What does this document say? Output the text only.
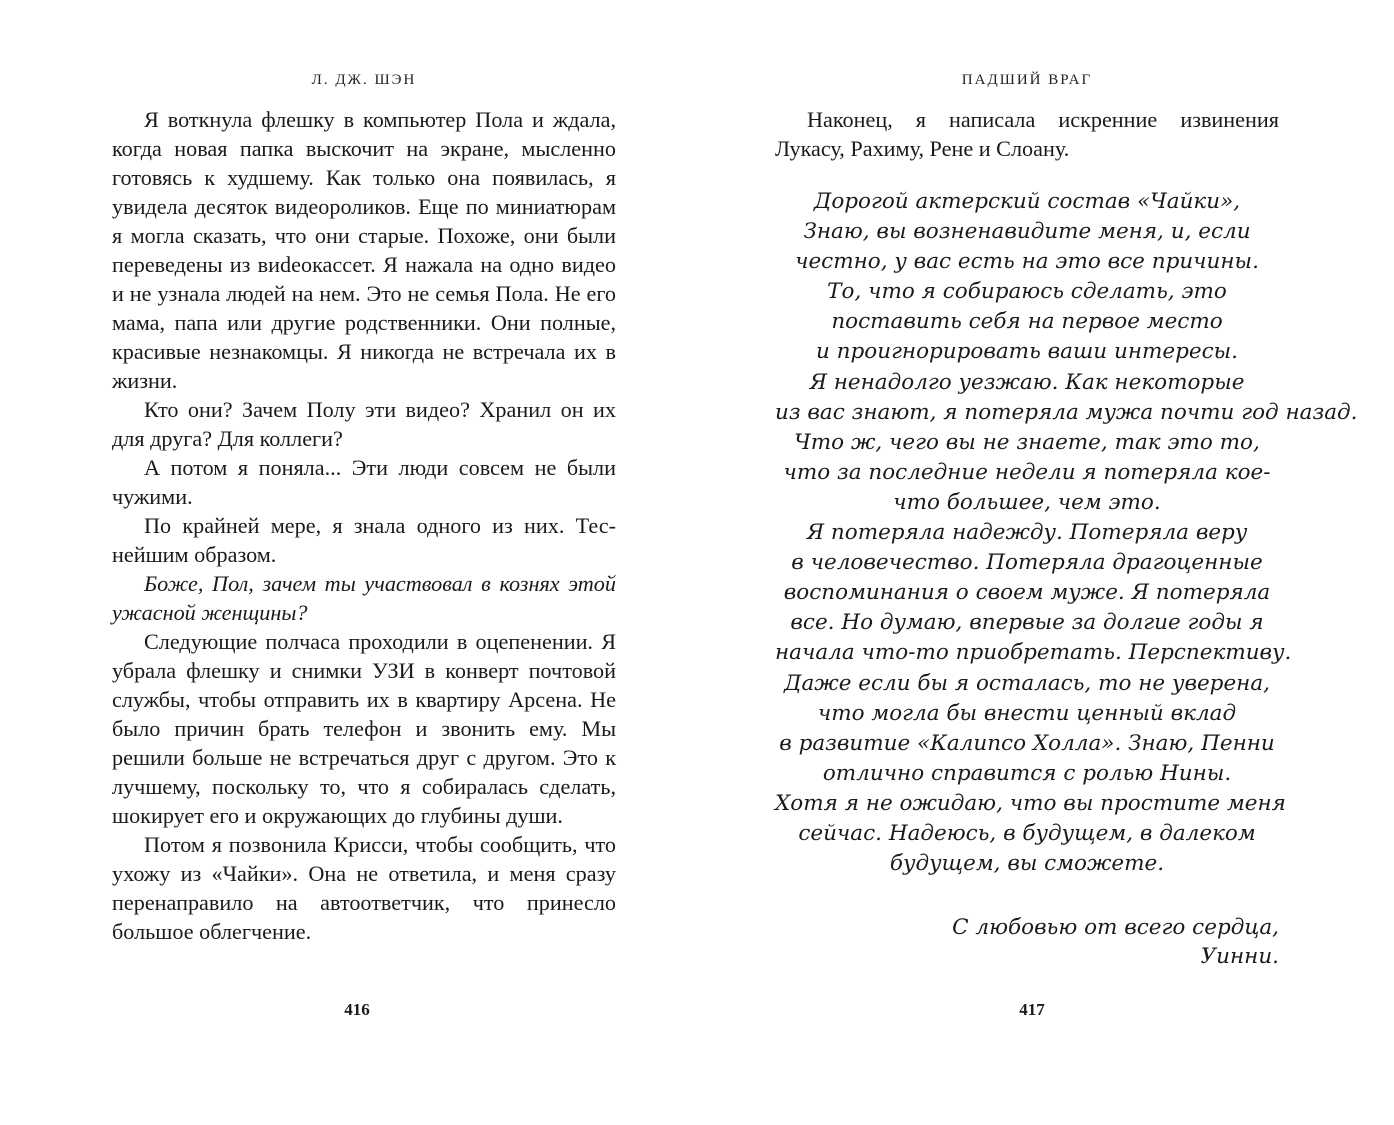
Л. ДЖ. ШЭН

Я воткнула флешку в компьютер Пола и ждала, когда новая папка выскочит на экране, мысленно готовясь к худшему. Как только она появилась, я увидела десяток видеороликов. Еще по миниатюрам я могла сказать, что они старые. Похоже, они были переведены из виdеокассет. Я нажала на одно видео и не узнала людей на нем. Это не семья Пола. Не его мама, папа или другие родственники. Они полные, красивые незнакомцы. Я никогда не встречала их в жизни.

Кто они? Зачем Полу эти видео? Хранил он их для друга? Для коллеги?

А потом я поняла... Эти люди совсем не были чужими.

По крайней мере, я знала одного из них. Теснейшим образом.

Боже, Пол, зачем ты участвовал в кознях этой ужасной женщины?

Следующие полчаса проходили в оцепенении. Я убрала флешку и снимки УЗИ в конверт почтовой службы, чтобы отправить их в квартиру Арсена. Не было причин брать телефон и звонить ему. Мы решили больше не встречаться друг с другом. Это к лучшему, поскольку то, что я собиралась сделать, шокирует его и окружающих до глубины души.

Потом я позвонила Крисси, чтобы сообщить, что ухожу из «Чайки». Она не ответила, и меня сразу перенаправило на автоответчик, что принесло большое облегчение.

416
ПАДШИЙ ВРАГ

Наконец, я написала искренние извинения Лукасу, Рахиму, Рене и Слоану.

Дорогой актерский состав «Чайки»,
Знаю, вы возненавидите меня, и, если
честно, у вас есть на это все причины.
То, что я собираюсь сделать, это
поставить себя на первое место
и проигнорировать ваши интересы.
Я ненадолго уезжаю. Как некоторые
из вас знают, я потеряла мужа почти год назад.
Что ж, чего вы не знаете, так это то,
что за последние недели я потеряла кое-
что большее, чем это.
Я потеряла надежду. Потеряла веру
в человечество. Потеряла драгоценные
воспоминания о своем муже. Я потеряла
все. Но думаю, впервые за долгие годы я
начала что-то приобретать. Перспективу.
Даже если бы я осталась, то не уверена,
что могла бы внести ценный вклад
в развитие «Калипсо Холла». Знаю, Пенни
отлично справится с ролью Нины.
Хотя я не ожидаю, что вы простите меня
сейчас. Надеюсь, в будущем, в далеком
будущем, вы сможете.
С любовью от всего сердца,
Уинни.
417
